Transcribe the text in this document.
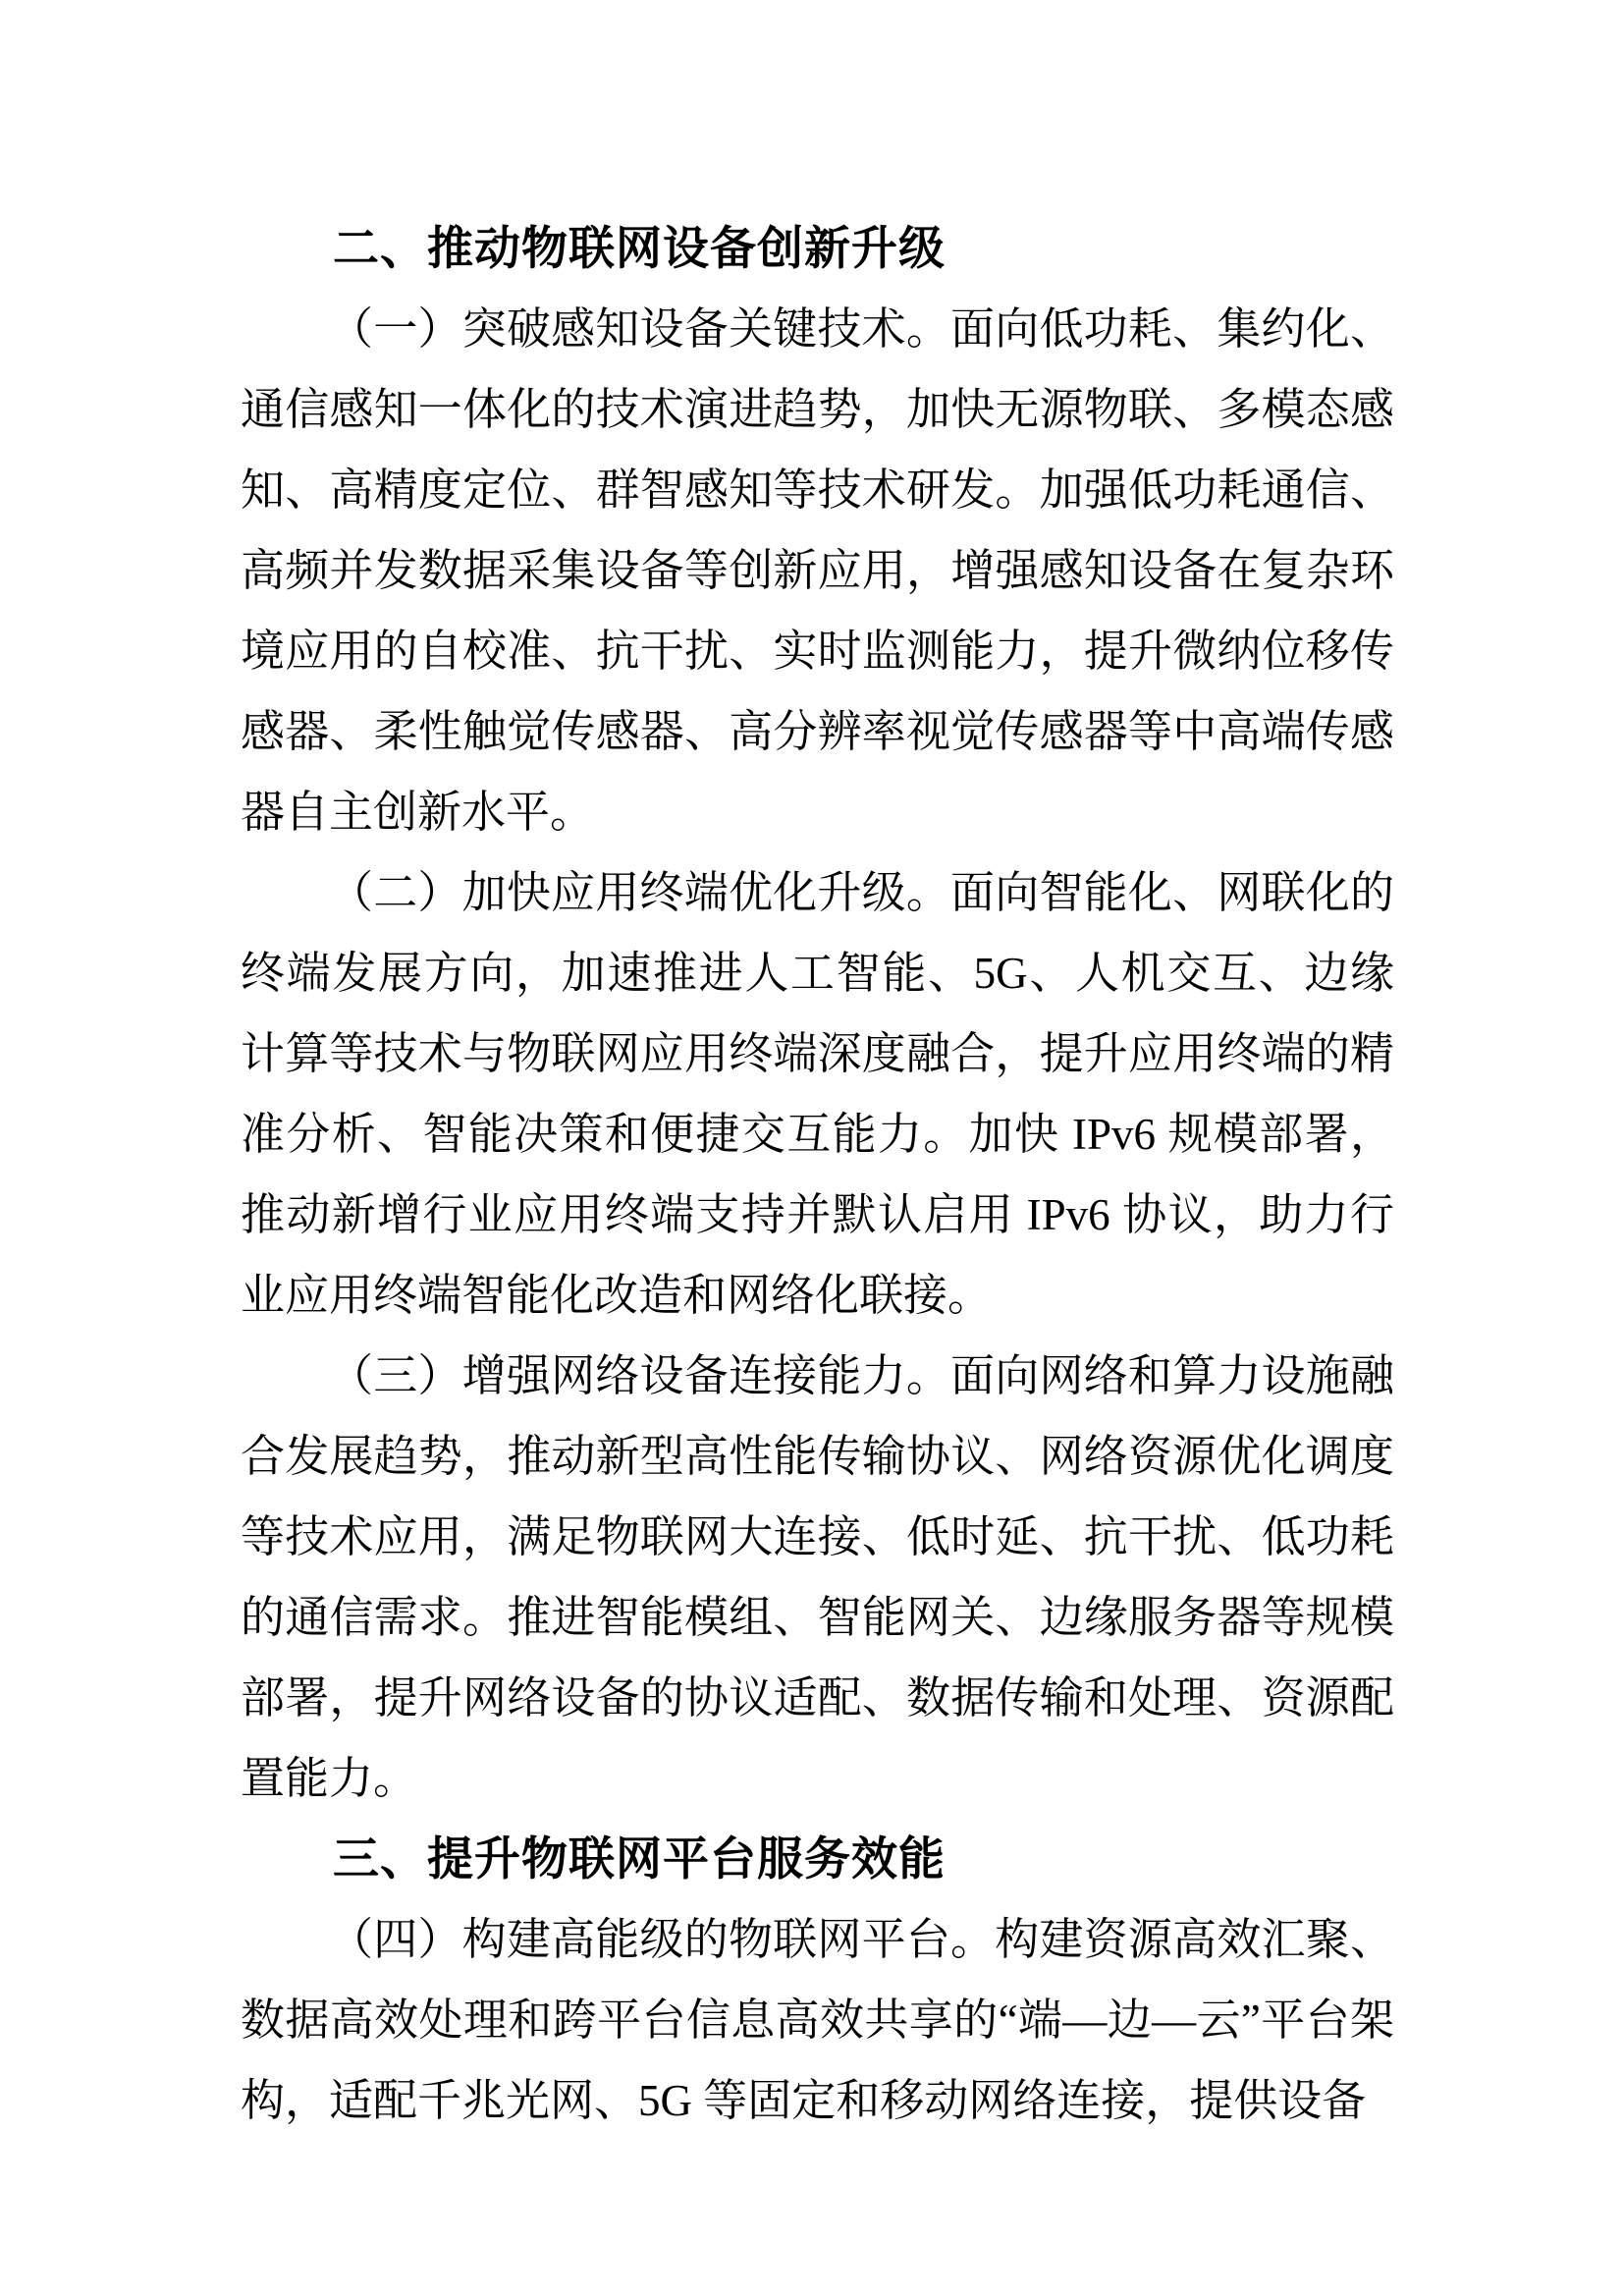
二、推动物联网设备创新升级

（一）突破感知设备关键技术。面向低功耗、集约化、通信感知一体化的技术演进趋势，加快无源物联、多模态感知、高精度定位、群智感知等技术研发。加强低功耗通信、高频并发数据采集设备等创新应用，增强感知设备在复杂环境应用的自校准、抗干扰、实时监测能力，提升微纳位移传感器、柔性触觉传感器、高分辨率视觉传感器等中高端传感器自主创新水平。

（二）加快应用终端优化升级。面向智能化、网联化的终端发展方向，加速推进人工智能、5G、人机交互、边缘计算等技术与物联网应用终端深度融合，提升应用终端的精准分析、智能决策和便捷交互能力。加快 IPv6 规模部署，推动新增行业应用终端支持并默认启用 IPv6 协议，助力行业应用终端智能化改造和网络化联接。

（三）增强网络设备连接能力。面向网络和算力设施融合发展趋势，推动新型高性能传输协议、网络资源优化调度等技术应用，满足物联网大连接、低时延、抗干扰、低功耗的通信需求。推进智能模组、智能网关、边缘服务器等规模部署，提升网络设备的协议适配、数据传输和处理、资源配置能力。

三、提升物联网平台服务效能

（四）构建高能级的物联网平台。构建资源高效汇聚、数据高效处理和跨平台信息高效共享的“端—边—云”平台架构，适配千兆光网、5G 等固定和移动网络连接，提供设备
